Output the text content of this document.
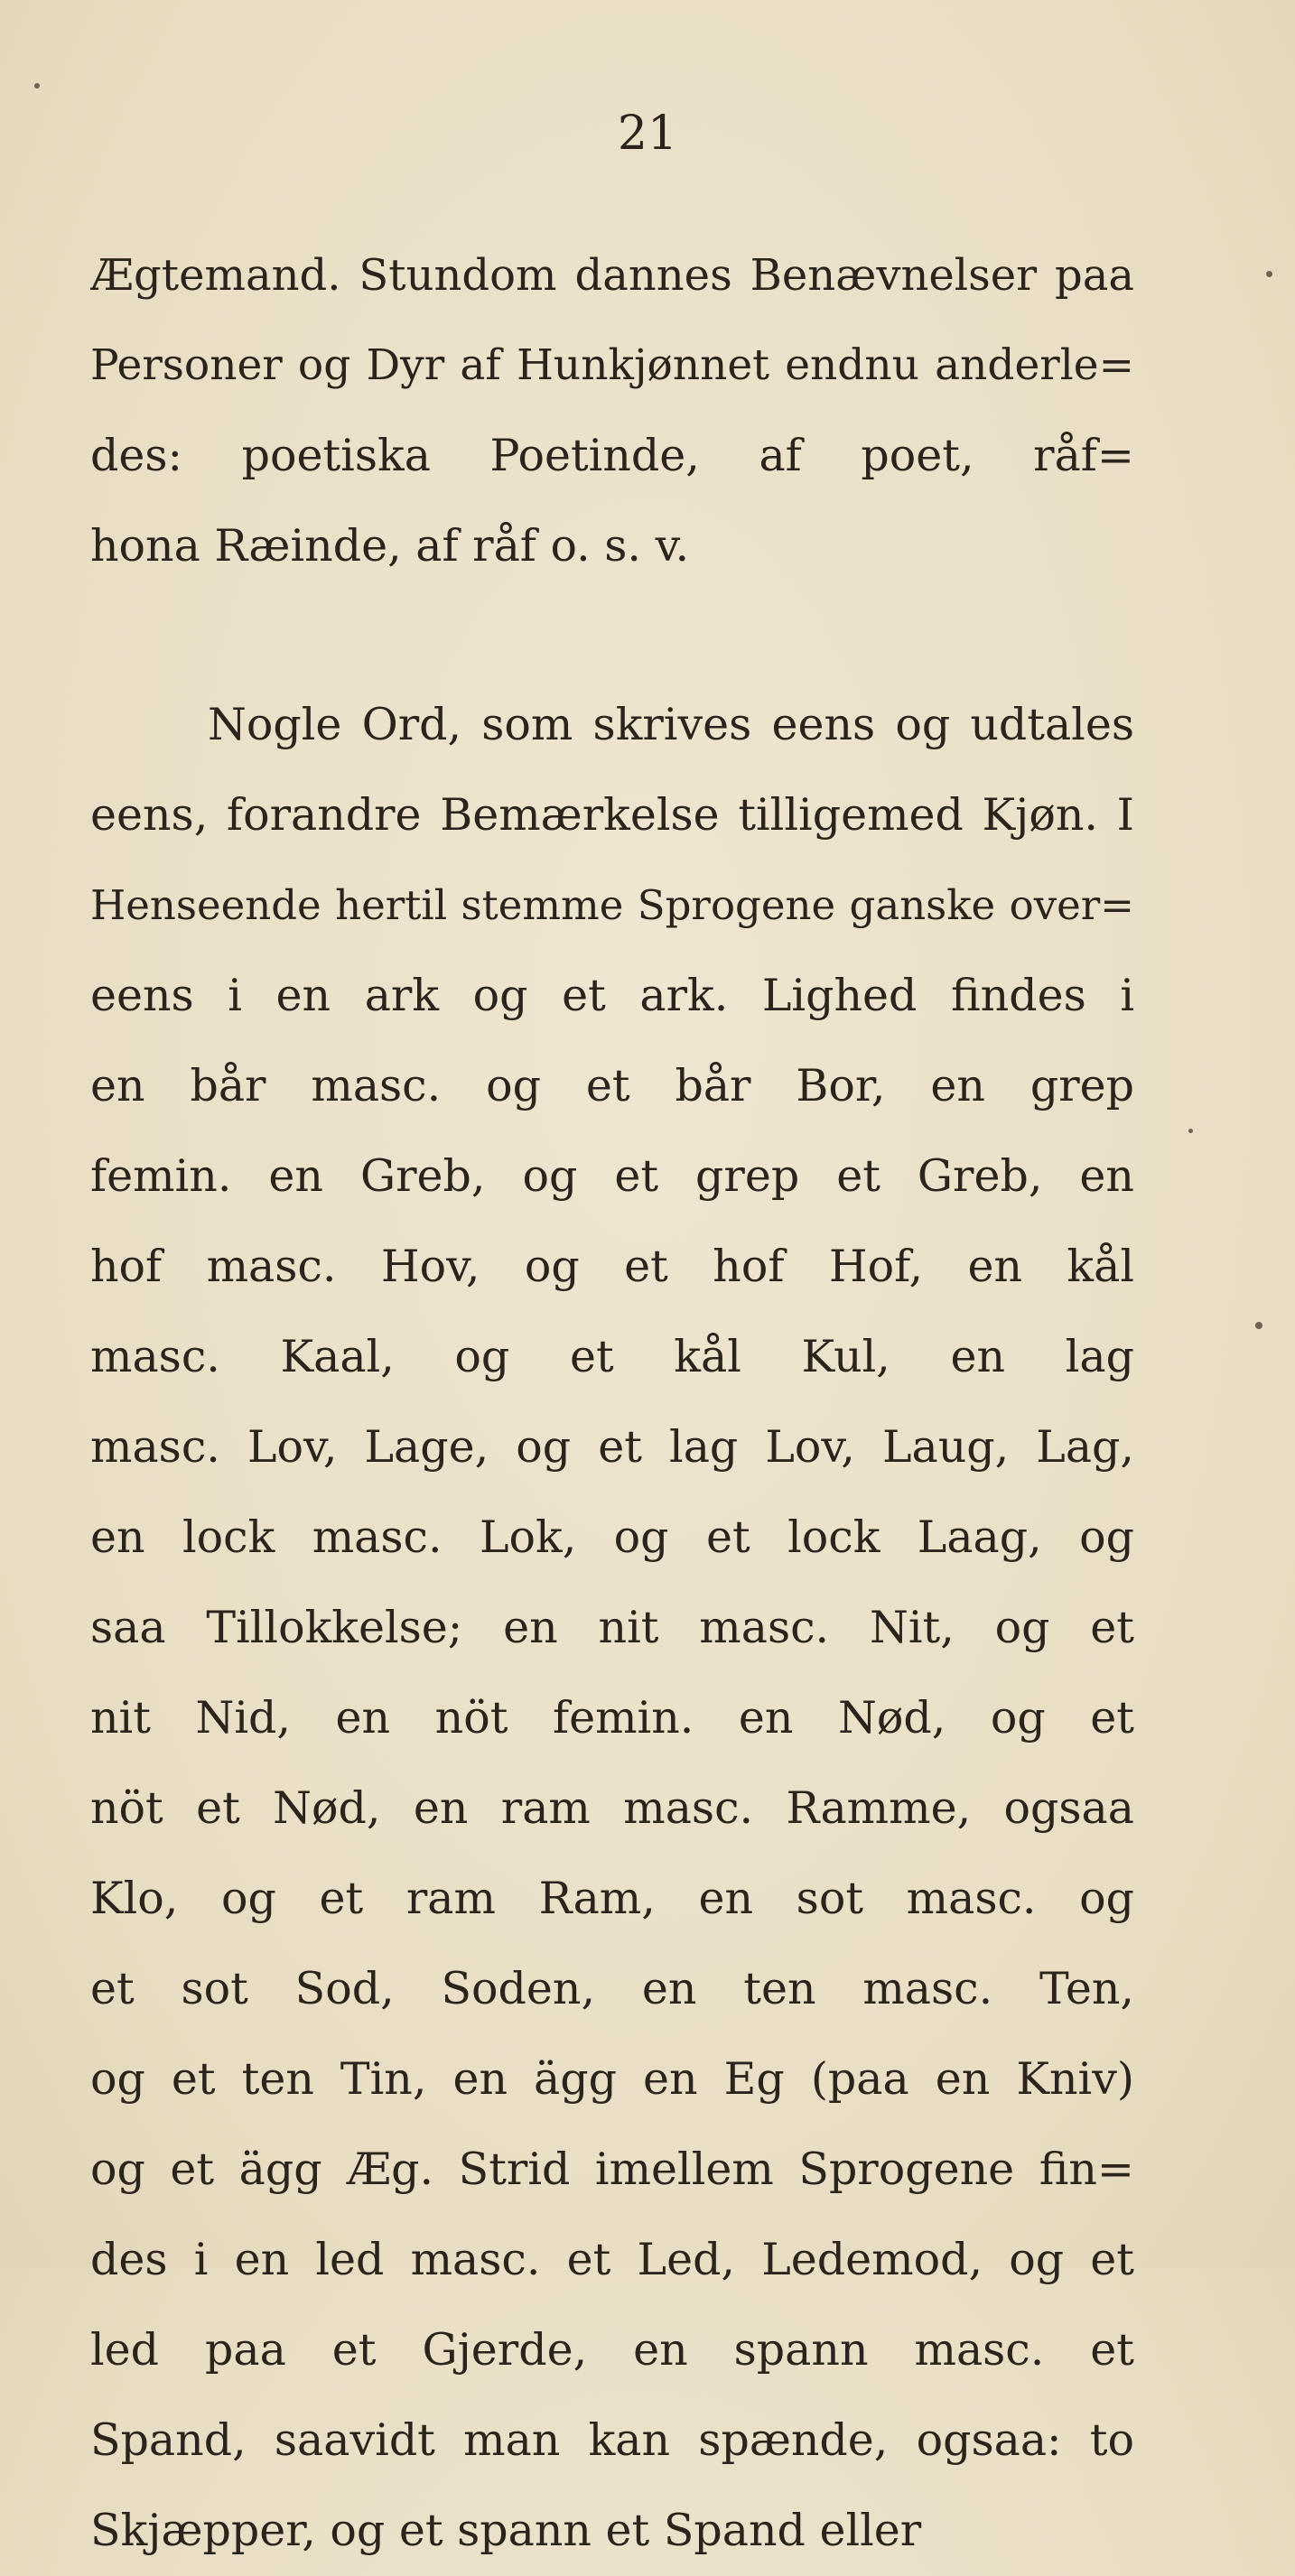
21
Ægtemand. Stundom dannes Benævnelser paa
Personer og Dyr af Hunkjønnet endnu anderle=
des: poetiska Poetinde, af poet, råf=
hona Ræinde, af råf o. s. v.
Nogle Ord, som skrives eens og udtales
eens, forandre Bemærkelse tilligemed Kjøn. I
Henseende hertil stemme Sprogene ganske over=
eens i en ark og et ark. Lighed findes i
en bår masc. og et bår Bor, en grep
femin. en Greb, og et grep et Greb, en
hof masc. Hov, og et hof Hof, en kål
masc. Kaal, og et kål Kul, en lag
masc. Lov, Lage, og et lag Lov, Laug, Lag,
en lock masc. Lok, og et lock Laag, og
saa Tillokkelse; en nit masc. Nit, og et
nit Nid, en nöt femin. en Nød, og et
nöt et Nød, en ram masc. Ramme, ogsaa
Klo, og et ram Ram, en sot masc. og
et sot Sod, Soden, en ten masc. Ten,
og et ten Tin, en ägg en Eg (paa en Kniv)
og et ägg Æg. Strid imellem Sprogene fin=
des i en led masc. et Led, Ledemod, og et
led paa et Gjerde, en spann masc. et
Spand, saavidt man kan spænde, ogsaa: to
Skjæpper, og et spann et Spand eller
